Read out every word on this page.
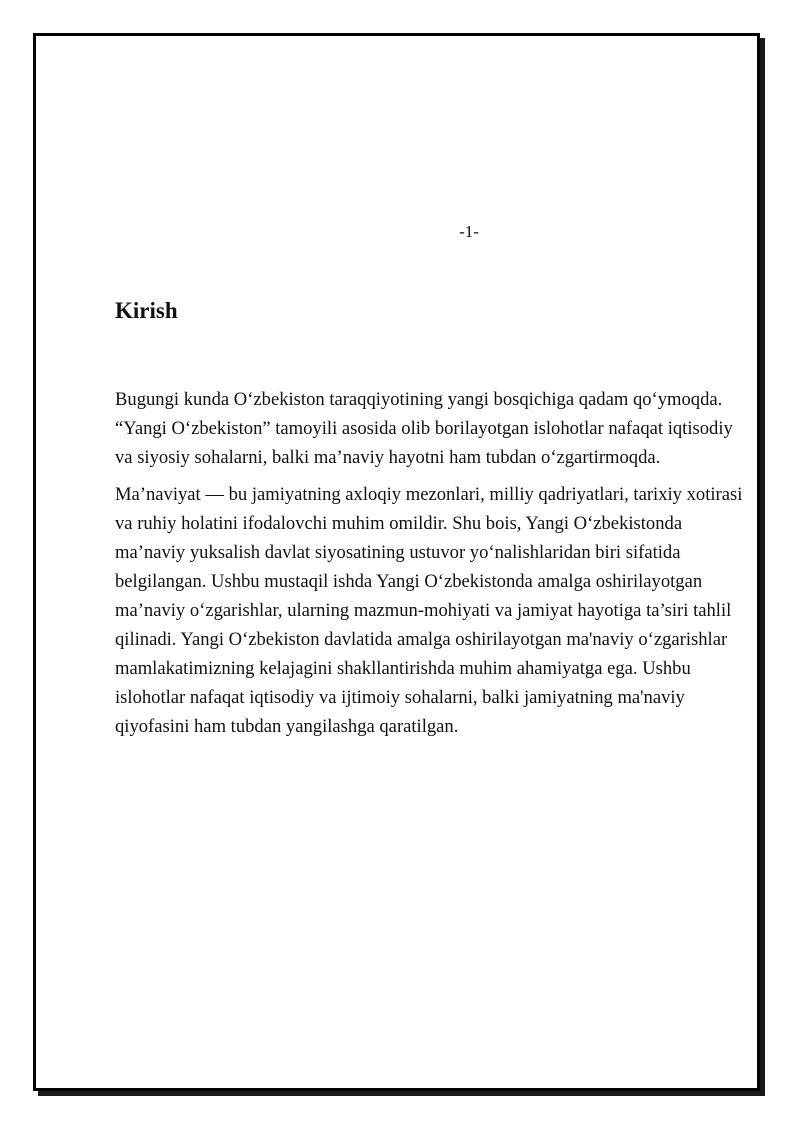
-1-
Kirish

Bugungi kunda O‘zbekiston taraqqiyotining yangi bosqichiga qadam qo‘ymoqda. “Yangi O‘zbekiston” tamoyili asosida olib borilayotgan islohotlar nafaqat iqtisodiy va siyosiy sohalarni, balki ma’naviy hayotni ham tubdan o‘zgartirmoqda.

Ma’naviyat — bu jamiyatning axloqiy mezonlari, milliy qadriyatlari, tarixiy xotirasi va ruhiy holatini ifodalovchi muhim omildir. Shu bois, Yangi O‘zbekistonda ma’naviy yuksalish davlat siyosatining ustuvor yo‘nalishlaridan biri sifatida belgilangan. Ushbu mustaqil ishda Yangi O‘zbekistonda amalga oshirilayotgan ma’naviy o‘zgarishlar, ularning mazmun-mohiyati va jamiyat hayotiga ta’siri tahlil qilinadi. Yangi O‘zbekiston davlatida amalga oshirilayotgan ma'naviy o‘zgarishlar mamlakatimizning kelajagini shakllantirishda muhim ahamiyatga ega. Ushbu islohotlar nafaqat iqtisodiy va ijtimoiy sohalarni, balki jamiyatning ma'naviy qiyofasini ham tubdan yangilashga qaratilgan.
